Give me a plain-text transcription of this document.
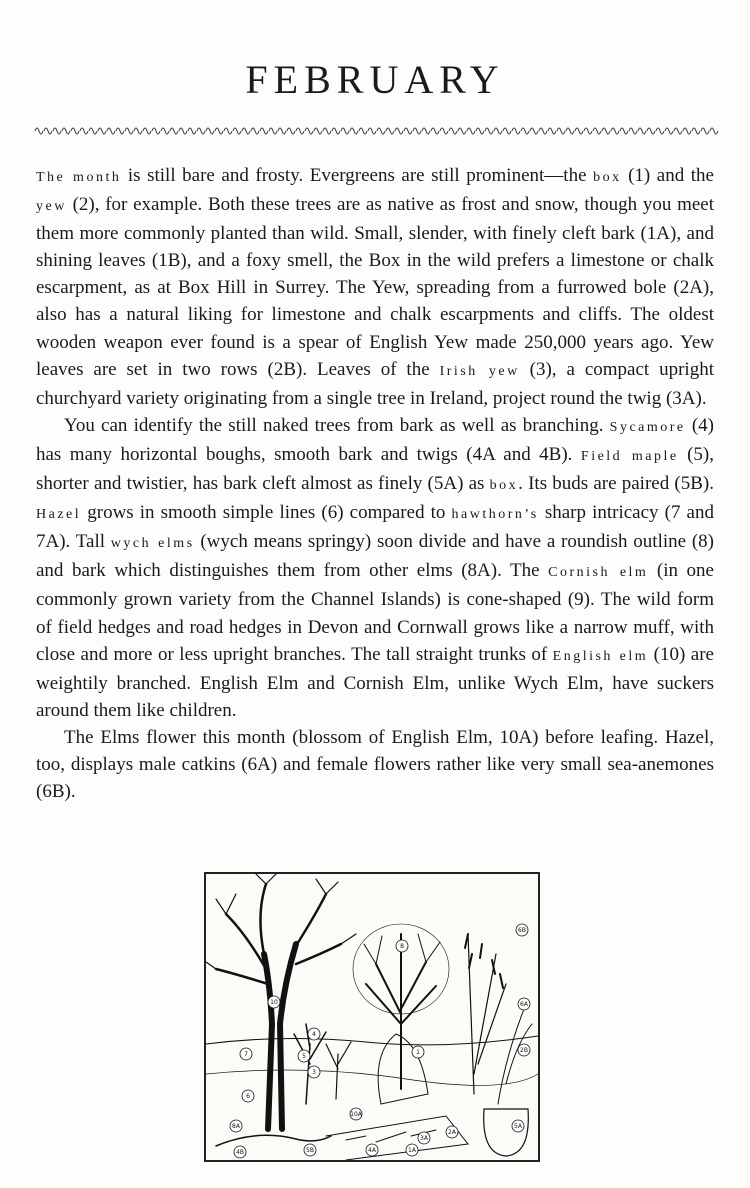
FEBRUARY

The month is still bare and frosty. Evergreens are still prominent—the box (1) and the yew (2), for example. Both these trees are as native as frost and snow, though you meet them more commonly planted than wild. Small, slender, with finely cleft bark (1A), and shining leaves (1B), and a foxy smell, the Box in the wild prefers a limestone or chalk escarpment, as at Box Hill in Surrey. The Yew, spreading from a furrowed bole (2A), also has a natural liking for limestone and chalk escarpments and cliffs. The oldest wooden weapon ever found is a spear of English Yew made 250,000 years ago. Yew leaves are set in two rows (2B). Leaves of the Irish yew (3), a compact upright churchyard variety originating from a single tree in Ireland, project round the twig (3A).

You can identify the still naked trees from bark as well as branching. Sycamore (4) has many horizontal boughs, smooth bark and twigs (4A and 4B). Field maple (5), shorter and twistier, has bark cleft almost as finely (5A) as box. Its buds are paired (5B). Hazel grows in smooth simple lines (6) compared to hawthorn’s sharp intricacy (7 and 7A). Tall wych elms (wych means springy) soon divide and have a roundish outline (8) and bark which distinguishes them from other elms (8A). The Cornish elm (in one commonly grown variety from the Channel Islands) is cone-shaped (9). The wild form of field hedges and road hedges in Devon and Cornwall grows like a narrow muff, with close and more or less upright branches. The tall straight trunks of English elm (10) are weightily branched. English Elm and Cornish Elm, unlike Wych Elm, have suckers around them like children.

The Elms flower this month (blossom of English Elm, 10A) before leafing. Hazel, too, displays male catkins (6A) and female flowers rather like very small sea-anemones (6B).

10
7
4
5
3
8
1
6
6B
6A
2B
5A
8A
4B	5B
10A
4A
3A
2A
1A
